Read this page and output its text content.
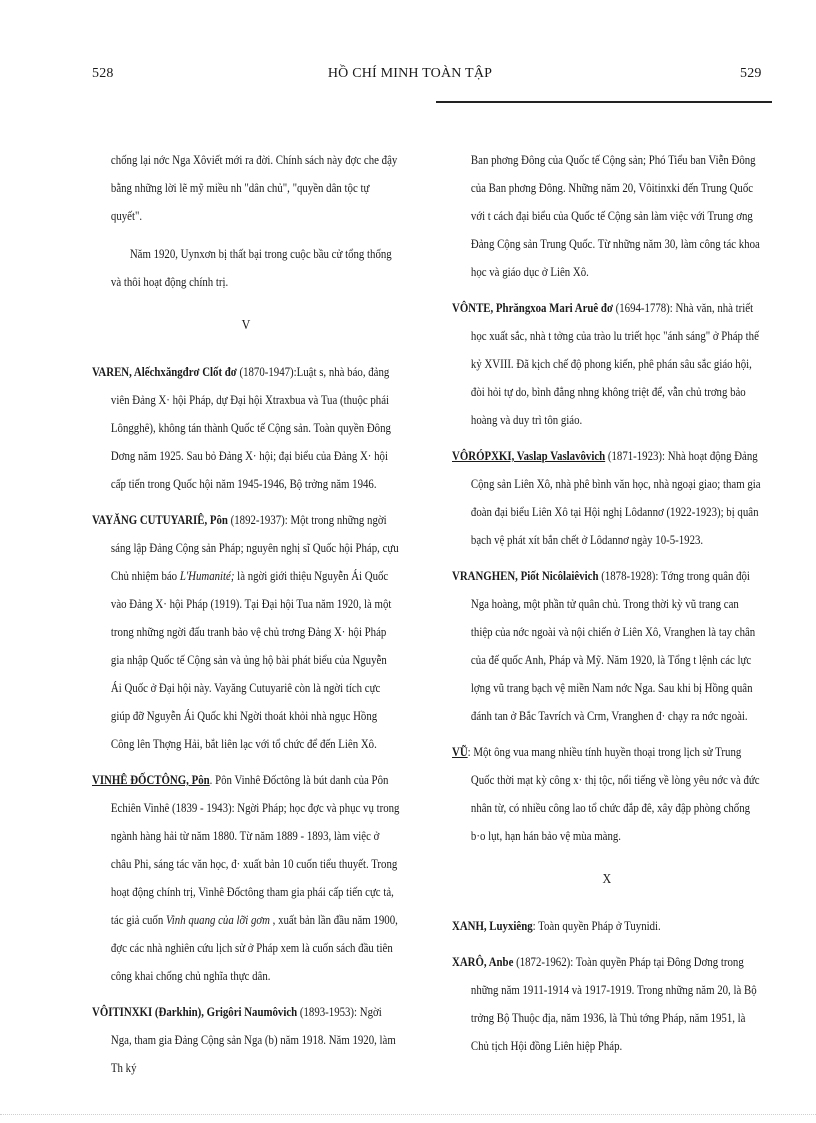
528	HỒ CHÍ MINH TOÀN TẬP	529

chống lại nớc Nga Xôviết mới ra đời. Chính sách này đợc che đậy bằng những lời lẽ mỹ miều nh "dân chủ", "quyền dân tộc tự quyết".

Năm 1920, Uynxơn bị thất bại trong cuộc bầu cử tổng thống và thôi hoạt động chính trị.

V

VAREN, Alếchxăngđrơ Clốt đơ (1870-1947):Luật s, nhà báo, đảng viên Đảng X· hội Pháp, dự Đại hội Xtraxbua và Tua (thuộc phái Lôngghê), không tán thành Quốc tế Cộng sản. Toàn quyền Đông Dơng năm 1925. Sau bỏ Đảng X· hội; đại biểu của Đảng X· hội cấp tiến trong Quốc hội năm 1945-1946, Bộ trởng năm 1946.

VAYĂNG CUTUYARIÊ, Pôn (1892-1937): Một trong những ngời sáng lập Đảng Cộng sản Pháp; nguyên nghị sĩ Quốc hội Pháp, cựu Chủ nhiệm báo L'Humanité; là ngời giới thiệu Nguyễn Ái Quốc vào Đảng X· hội Pháp (1919). Tại Đại hội Tua năm 1920, là một trong những ngời đấu tranh bảo vệ chủ trơng Đảng X· hội Pháp gia nhập Quốc tế Cộng sản và ủng hộ bài phát biểu của Nguyễn Ái Quốc ở Đại hội này. Vayăng Cutuyariê còn là ngời tích cực giúp đỡ Nguyễn Ái Quốc khi Ngời thoát khỏi nhà ngục Hồng Công lên Thợng Hải, bắt liên lạc với tổ chức để đến Liên Xô.

VINHÊ ĐỐCTÔNG, Pôn. Pôn Vinhê Đốctông là bút danh của Pôn Echiên Vinhê (1839 - 1943): Ngời Pháp; học đợc và phục vụ trong ngành hàng hải từ năm 1880. Từ năm 1889 - 1893, làm việc ở châu Phi, sáng tác văn học, đ· xuất bản 10 cuốn tiểu thuyết. Trong hoạt động chính trị, Vinhê Đốctông tham gia phái cấp tiến cực tả, tác giả cuốn Vinh quang của lỡi gơm , xuất bản lần đầu năm 1900, đợc các nhà nghiên cứu lịch sử ở Pháp xem là cuốn sách đầu tiên công khai chống chủ nghĩa thực dân.

VÔITINXKI (Đarkhin), Grigôri Naumôvich (1893-1953): Ngời Nga, tham gia Đảng Cộng sản Nga (b) năm 1918. Năm 1920, làm Th ký

Ban phơng Đông của Quốc tế Cộng sản; Phó Tiểu ban Viễn Đông của Ban phơng Đông. Những năm 20, Vôitinxki đến Trung Quốc với t cách đại biểu của Quốc tế Cộng sản làm việc với Trung ơng Đảng Cộng sản Trung Quốc. Từ những năm 30, làm công tác khoa học và giáo dục ở Liên Xô.

VÔNTE, Phrăngxoa Mari Aruê đơ (1694-1778): Nhà văn, nhà triết học xuất sắc, nhà t tởng của trào lu triết học "ánh sáng" ở Pháp thế kỷ XVIII. Đã kịch chế độ phong kiến, phê phán sâu sắc giáo hội, đòi hỏi tự do, bình đẳng nhng không triệt để, vẫn chủ trơng bảo hoàng và duy trì tôn giáo.

VÔRÓPXKI, Vaslap Vaslavôvich (1871-1923): Nhà hoạt động Đảng Cộng sản Liên Xô, nhà phê bình văn học, nhà ngoại giao; tham gia đoàn đại biểu Liên Xô tại Hội nghị Lôdannơ (1922-1923); bị quân bạch vệ phát xít bắn chết ở Lôdannơ ngày 10-5-1923.

VRANGHEN, Piốt Nicôlaiêvich (1878-1928): Tớng trong quân đội Nga hoàng, một phần tử quân chủ. Trong thời kỳ vũ trang can thiệp của nớc ngoài và nội chiến ở Liên Xô, Vranghen là tay chân của đế quốc Anh, Pháp và Mỹ. Năm 1920, là Tổng t lệnh các lực lợng vũ trang bạch vệ miền Nam nớc Nga. Sau khi bị Hồng quân đánh tan ở Bắc Tavrích và Crm, Vranghen đ· chạy ra nớc ngoài.

VŨ: Một ông vua mang nhiều tính huyền thoại trong lịch sử Trung Quốc thời mạt kỳ công x· thị tộc, nổi tiếng về lòng yêu nớc và đức nhân từ, có nhiều công lao tổ chức đắp đê, xây đập phòng chống b·o lụt, hạn hán bảo vệ mùa màng.

X

XANH, Luyxiêng: Toàn quyền Pháp ở Tuynidi.

XARÔ, Anbe (1872-1962): Toàn quyền Pháp tại Đông Dơng trong những năm 1911-1914 và 1917-1919. Trong những năm 20, là Bộ trởng Bộ Thuộc địa, năm 1936, là Thủ tớng Pháp, năm 1951, là Chủ tịch Hội đồng Liên hiệp Pháp.
